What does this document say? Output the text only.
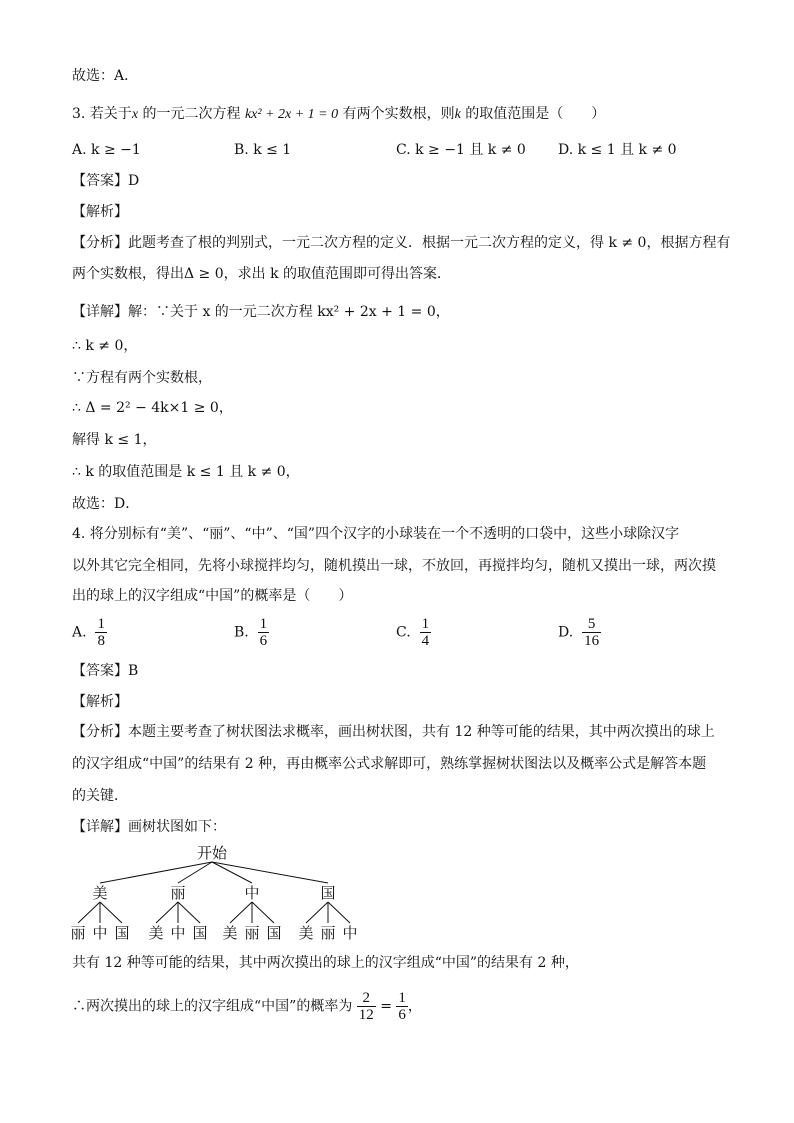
故选：A．
3. 若关于x 的一元二次方程 kx² + 2x + 1 = 0 有两个实数根，则k 的取值范围是（　　）
A. k ≥ −1	B. k ≤ 1	C. k ≥ −1 且 k ≠ 0 D. k ≤ 1 且 k ≠ 0
【答案】D
【解析】
【分析】此题考查了根的判别式，一元二次方程的定义．根据一元二次方程的定义，得 k ≠ 0，根据方程有
两个实数根，得出Δ ≥ 0，求出 k 的取值范围即可得出答案．
【详解】解：∵关于 x 的一元二次方程 kx² + 2x + 1 = 0，
∴ k ≠ 0，
∵方程有两个实数根，
∴ Δ = 2² − 4k×1 ≥ 0，
解得 k ≤ 1，
∴ k 的取值范围是 k ≤ 1 且 k ≠ 0，
故选：D．
4. 将分别标有“美”、“丽”、“中”、“国”四个汉字的小球装在一个不透明的口袋中，这些小球除汉字
以外其它完全相同，先将小球搅拌均匀，随机摸出一球，不放回，再搅拌均匀，随机又摸出一球，两次摸
出的球上的汉字组成“中国”的概率是（　　）
A. $\frac{1}{8}$	B. $\frac{1}{6}$	C. $\frac{1}{4}$	D. $\frac{5}{16}$
【答案】B
【解析】
【分析】本题主要考查了树状图法求概率，画出树状图，共有 12 种等可能的结果，其中两次摸出的球上
的汉字组成“中国”的结果有 2 种，再由概率公式求解即可，熟练掌握树状图法以及概率公式是解答本题
的关键．
【详解】画树状图如下：
开始
美
丽 中 国
丽
美 中 国
中
美 丽 国
国
美 丽 中
共有 12 种等可能的结果，其中两次摸出的球上的汉字组成“中国”的结果有 2 种，
∴两次摸出的球上的汉字组成“中国”的概率为 $\frac{2}{12} = \frac{1}{6}$ ，
